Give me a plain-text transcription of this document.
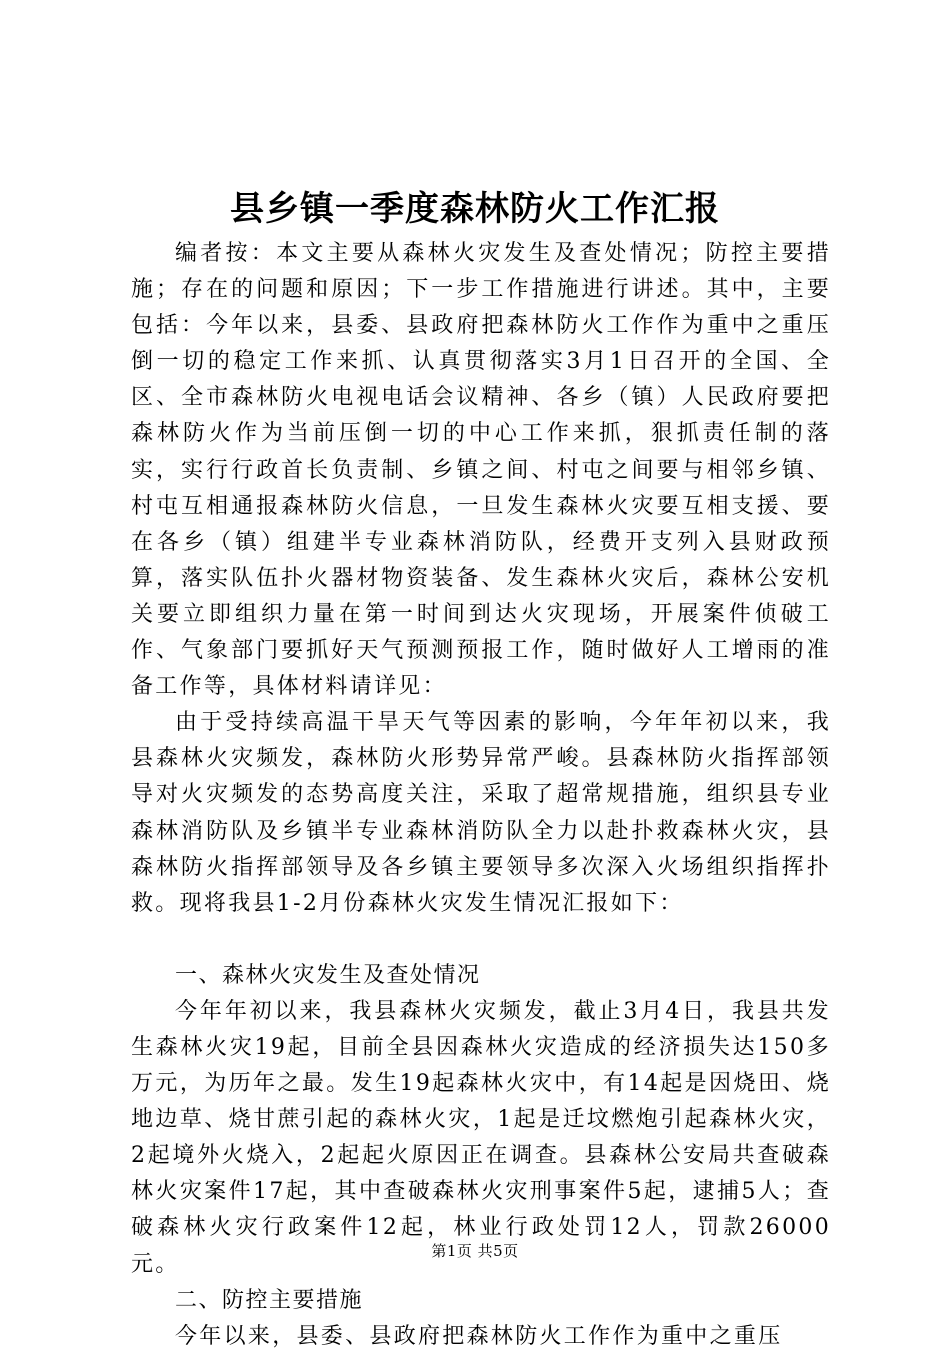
县乡镇一季度森林防火工作汇报

编者按：本文主要从森林火灾发生及查处情况；防控主要措施；存在的问题和原因；下一步工作措施进行讲述。其中，主要包括：今年以来，县委、县政府把森林防火工作作为重中之重压倒一切的稳定工作来抓、认真贯彻落实3月1日召开的全国、全区、全市森林防火电视电话会议精神、各乡（镇）人民政府要把森林防火作为当前压倒一切的中心工作来抓，狠抓责任制的落实，实行行政首长负责制、乡镇之间、村屯之间要与相邻乡镇、村屯互相通报森林防火信息，一旦发生森林火灾要互相支援、要在各乡（镇）组建半专业森林消防队，经费开支列入县财政预算，落实队伍扑火器材物资装备、发生森林火灾后，森林公安机关要立即组织力量在第一时间到达火灾现场，开展案件侦破工作、气象部门要抓好天气预测预报工作，随时做好人工增雨的准备工作等，具体材料请详见：

由于受持续高温干旱天气等因素的影响，今年年初以来，我县森林火灾频发，森林防火形势异常严峻。县森林防火指挥部领导对火灾频发的态势高度关注，采取了超常规措施，组织县专业森林消防队及乡镇半专业森林消防队全力以赴扑救森林火灾，县森林防火指挥部领导及各乡镇主要领导多次深入火场组织指挥扑救。现将我县1-2月份森林火灾发生情况汇报如下：

一、森林火灾发生及查处情况

今年年初以来，我县森林火灾频发，截止3月4日，我县共发生森林火灾19起，目前全县因森林火灾造成的经济损失达150多万元，为历年之最。发生19起森林火灾中，有14起是因烧田、烧地边草、烧甘蔗引起的森林火灾，1起是迁坟燃炮引起森林火灾，2起境外火烧入，2起起火原因正在调查。县森林公安局共查破森林火灾案件17起，其中查破森林火灾刑事案件5起，逮捕5人；查破森林火灾行政案件12起，林业行政处罚12人，罚款26000元。

二、防控主要措施

今年以来，县委、县政府把森林防火工作作为重中之重压

第1页 共5页
